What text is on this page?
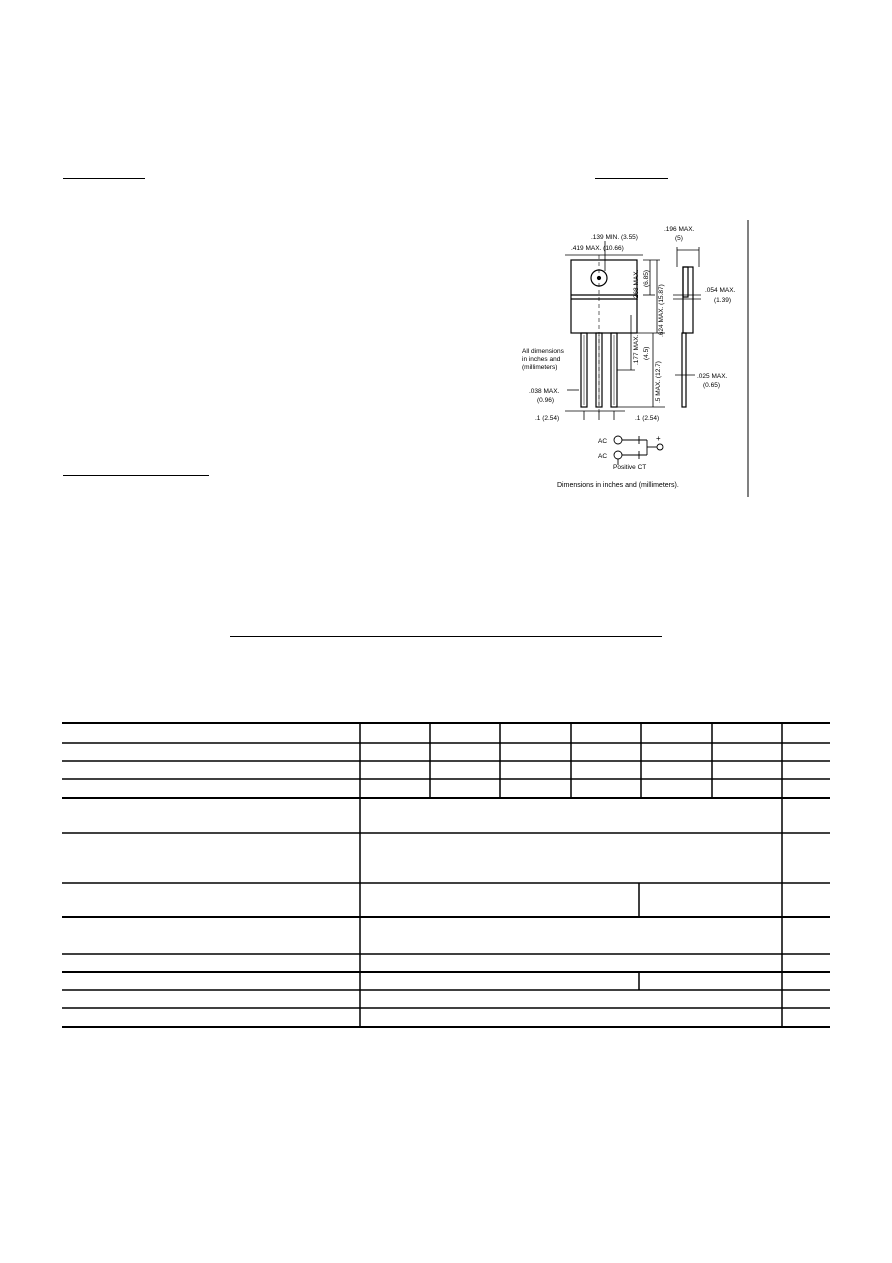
.139 MIN. (3.55)
.419 MAX. (10.66)
.196 MAX.
(5)
.268 MAX. (6.85)
.624 MAX. (15.87)	.054 MAX.
(1.39)
.177 MAX. (4.5)
.5 MAX. (12.7)	.025 MAX.
(0.65)
.038 MAX.
(0.96)
.1 (2.54)	.1 (2.54)
All dimensions
in inches and
(millimeters)
AC
AC
+
Positive CT
Dimensions in inches and (millimeters).
